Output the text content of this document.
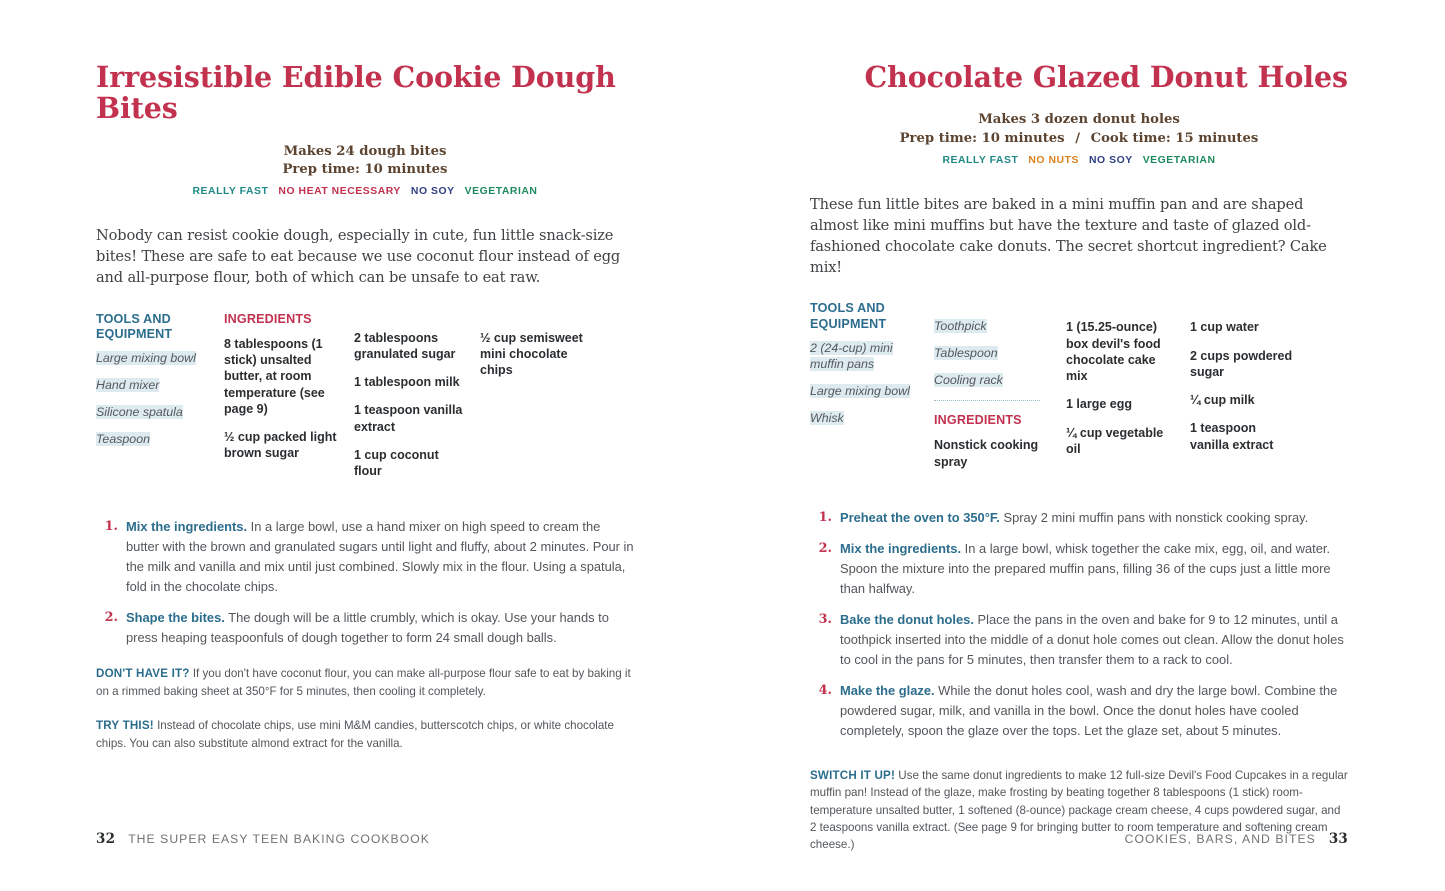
Irresistible Edible Cookie Dough Bites
Makes 24 dough bites
Prep time: 10 minutes
REALLY FAST NO HEAT NECESSARY NO SOY VEGETARIAN

Nobody can resist cookie dough, especially in cute, fun little snack-size bites! These are safe to eat because we use coconut flour instead of egg and all-purpose flour, both of which can be unsafe to eat raw.

TOOLS AND EQUIPMENT
Large mixing bowl
Hand mixer
Silicone spatula
Teaspoon
INGREDIENTS
8 tablespoons (1 stick) unsalted butter, at room temperature (see page 9)
½ cup packed light brown sugar
2 tablespoons granulated sugar
1 tablespoon milk
1 teaspoon vanilla extract
1 cup coconut flour
½ cup semisweet mini chocolate chips
1. Mix the ingredients. In a large bowl, use a hand mixer on high speed to cream the butter with the brown and granulated sugars until light and fluffy, about 2 minutes. Pour in the milk and vanilla and mix until just combined. Slowly mix in the flour. Using a spatula, fold in the chocolate chips.
2. Shape the bites. The dough will be a little crumbly, which is okay. Use your hands to press heaping teaspoonfuls of dough together to form 24 small dough balls.

DON'T HAVE IT? If you don't have coconut flour, you can make all-purpose flour safe to eat by baking it on a rimmed baking sheet at 350°F for 5 minutes, then cooling it completely.

TRY THIS! Instead of chocolate chips, use mini M&M candies, butterscotch chips, or white chocolate chips. You can also substitute almond extract for the vanilla.

32 THE SUPER EASY TEEN BAKING COOKBOOK
Chocolate Glazed Donut Holes
Makes 3 dozen donut holes
Prep time: 10 minutes / Cook time: 15 minutes
REALLY FAST NO NUTS NO SOY VEGETARIAN

These fun little bites are baked in a mini muffin pan and are shaped almost like mini muffins but have the texture and taste of glazed old-fashioned chocolate cake donuts. The secret shortcut ingredient? Cake mix!

TOOLS AND EQUIPMENT
2 (24-cup) mini muffin pans
Large mixing bowl
Whisk
Toothpick
Tablespoon
Cooling rack
INGREDIENTS
Nonstick cooking spray
1 (15.25-ounce) box devil's food chocolate cake mix
1 large egg
¼ cup vegetable oil
1 cup water
2 cups powdered sugar
¼ cup milk
1 teaspoon vanilla extract
1. Preheat the oven to 350°F. Spray 2 mini muffin pans with nonstick cooking spray.
2. Mix the ingredients. In a large bowl, whisk together the cake mix, egg, oil, and water. Spoon the mixture into the prepared muffin pans, filling 36 of the cups just a little more than halfway.
3. Bake the donut holes. Place the pans in the oven and bake for 9 to 12 minutes, until a toothpick inserted into the middle of a donut hole comes out clean. Allow the donut holes to cool in the pans for 5 minutes, then transfer them to a rack to cool.
4. Make the glaze. While the donut holes cool, wash and dry the large bowl. Combine the powdered sugar, milk, and vanilla in the bowl. Once the donut holes have cooled completely, spoon the glaze over the tops. Let the glaze set, about 5 minutes.

SWITCH IT UP! Use the same donut ingredients to make 12 full-size Devil's Food Cupcakes in a regular muffin pan! Instead of the glaze, make frosting by beating together 8 tablespoons (1 stick) room-temperature unsalted butter, 1 softened (8-ounce) package cream cheese, 4 cups powdered sugar, and 2 teaspoons vanilla extract. (See page 9 for bringing butter to room temperature and softening cream cheese.)	COOKIES, BARS, AND BITES 33
